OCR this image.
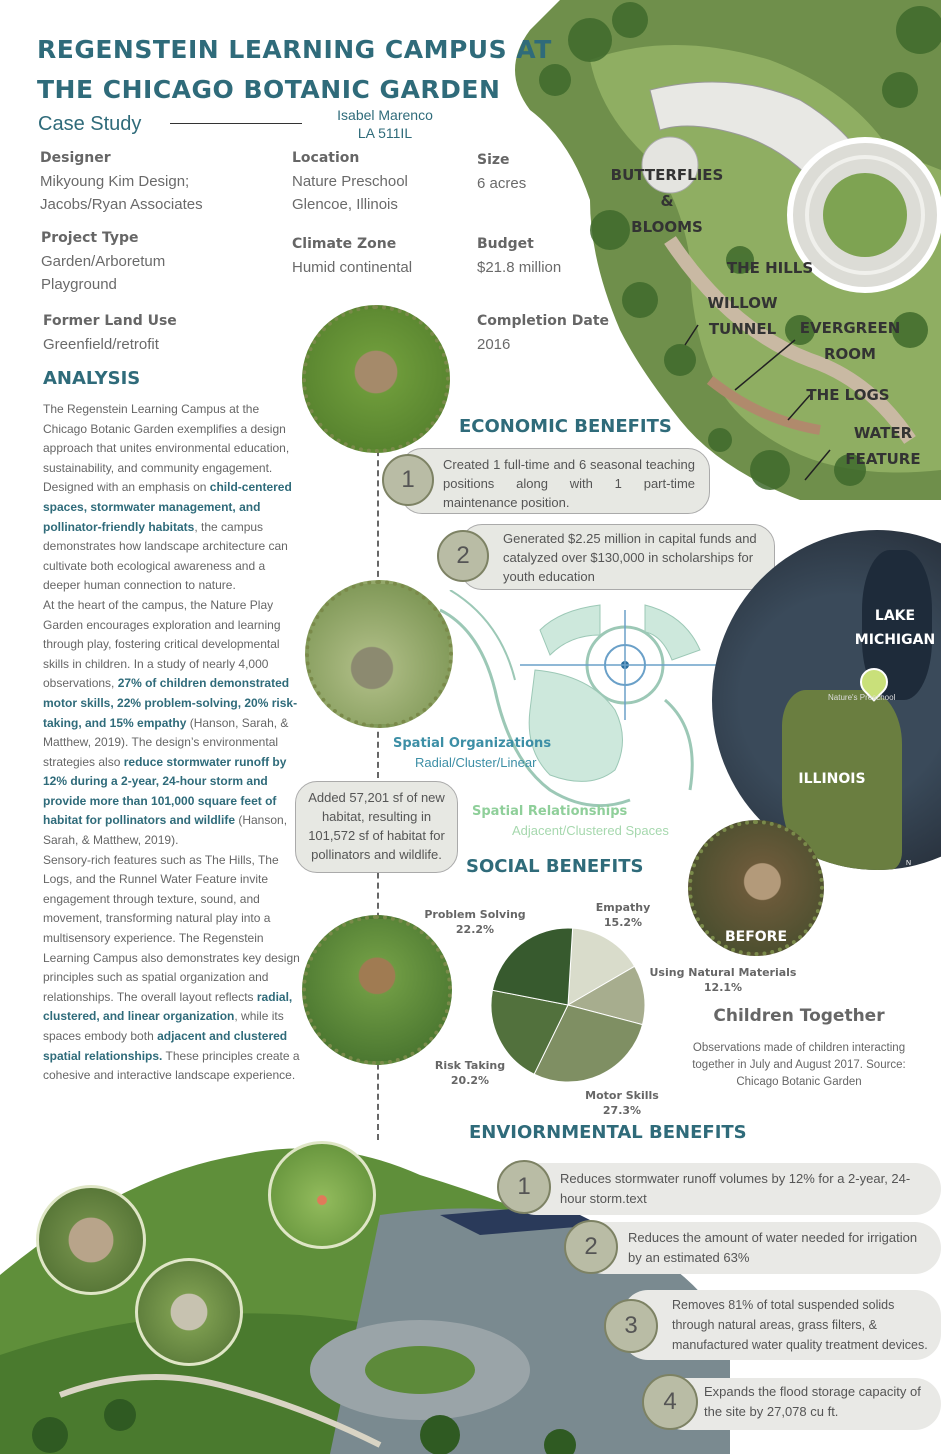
BUTTERFLIES
&
BLOOMS
THE HILLS
WILLOW
TUNNEL	EVERGREEN
ROOM
THE LOGS
WATER
FEATURE
REGENSTEIN LEARNING CAMPUS AT
THE CHICAGO BOTANIC GARDEN
Case Study	Isabel Marenco
LA 511IL
Designer
Mikyoung Kim Design;
Jacobs/Ryan Associates
Location
Nature Preschool
Glencoe, Illinois
Size
6 acres
Project Type
Garden/Arboretum
Playground
Climate Zone
Humid continental
Budget
$21.8 million
Former Land Use
Greenfield/retrofit
Completion Date
2016
ANALYSIS

The Regenstein Learning Campus at the Chicago Botanic Garden exemplifies a design approach that unites environmental education, sustainability, and community engagement. Designed with an emphasis on child-centered spaces, stormwater management, and pollinator-friendly habitats, the campus demonstrates how landscape architecture can cultivate both ecological awareness and a deeper human connection to nature.

At the heart of the campus, the Nature Play Garden encourages exploration and learning through play, fostering critical developmental skills in children. In a study of nearly 4,000 observations, 27% of children demonstrated motor skills, 22% problem-solving, 20% risk-taking, and 15% empathy (Hanson, Sarah, & Matthew, 2019). The design’s environmental strategies also reduce stormwater runoff by 12% during a 2-year, 24-hour storm and provide more than 101,000 square feet of habitat for pollinators and wildlife (Hanson, Sarah, & Matthew, 2019).

Sensory-rich features such as The Hills, The Logs, and the Runnel Water Feature invite engagement through texture, sound, and movement, transforming natural play into a multisensory experience. The Regenstein Learning Campus also demonstrates key design principles such as spatial organization and relationships. The overall layout reflects radial, clustered, and linear organization, while its spaces embody both adjacent and clustered spatial relationships. These principles create a cohesive and interactive landscape experience.

ECONOMIC BENEFITS
Created 1 full-time and 6 seasonal teaching positions along with 1 part-time maintenance position.
1
Generated $2.25 million in capital funds and catalyzed over $130,000 in scholarships for youth education
2
Spatial Organizations
Radial/Cluster/Linear
Spatial Relationships
Adjacent/Clustered Spaces
LAKE
MICHIGAN
ILLINOIS
Nature's Preschool
▲
N
BEFORE
Added 57,201 sf of new habitat, resulting in 101,572 sf of habitat for pollinators and wildlife.
SOCIAL BENEFITS
Problem Solving
22.2%
Empathy
15.2%
Using Natural Materials
12.1%
Risk Taking
20.2%
Motor Skills
27.3%
Children Together
Observations made of children interacting together in July and August 2017. Source: Chicago Botanic Garden
ENVIORNMENTAL BENEFITS
Reduces stormwater runoff volumes by 12% for a 2-year, 24-hour storm.text
1
Reduces the amount of water needed for irrigation by an estimated 63%
2
Removes 81% of total suspended solids through natural areas, grass filters, & manufactured water quality treatment devices.
3
Expands the flood storage capacity of the site by 27,078 cu ft.
4
